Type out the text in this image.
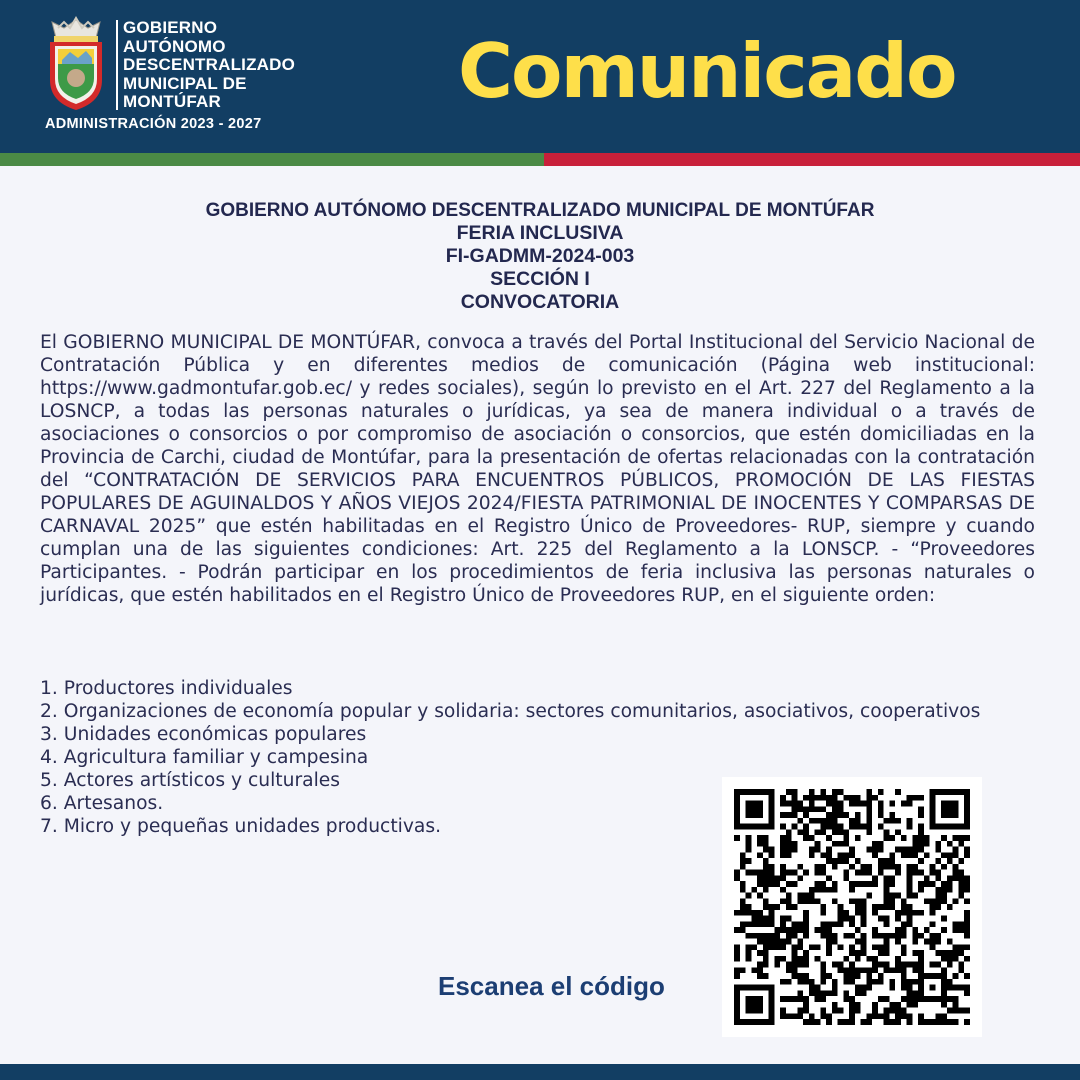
GOBIERNO
AUTÓNOMO
DESCENTRALIZADO
MUNICIPAL DE
MONTÚFAR
ADMINISTRACIÓN 2023 - 2027
Comunicado
GOBIERNO AUTÓNOMO DESCENTRALIZADO MUNICIPAL DE MONTÚFAR
FERIA INCLUSIVA
FI-GADMM-2024-003
SECCIÓN I
CONVOCATORIA
El GOBIERNO MUNICIPAL DE MONTÚFAR, convoca a través del Portal Institucional del Servicio Nacional de Contratación Pública y en diferentes medios de comunicación (Página web institucional: https://www.gadmontufar.gob.ec/ y redes sociales), según lo previsto en el Art. 227 del Reglamento a la LOSNCP, a todas las personas naturales o jurídicas, ya sea de manera individual o a través de asociaciones o consorcios o por compromiso de asociación o consorcios, que estén domiciliadas en la Provincia de Carchi, ciudad de Montúfar, para la presentación de ofertas relacionadas con la contratación del “CONTRATACIÓN DE SERVICIOS PARA ENCUENTROS PÚBLICOS, PROMOCIÓN DE LAS FIESTAS POPULARES DE AGUINALDOS Y AÑOS VIEJOS 2024/FIESTA PATRIMONIAL DE INOCENTES Y COMPARSAS DE CARNAVAL 2025” que estén habilitadas en el Registro Único de Proveedores- RUP, siempre y cuando cumplan una de las siguientes condiciones: Art. 225 del Reglamento a la LONSCP. - “Proveedores Participantes. - Podrán participar en los procedimientos de feria inclusiva las personas naturales o jurídicas, que estén habilitados en el Registro Único de Proveedores RUP, en el siguiente orden:
1. Productores individuales
2. Organizaciones de economía popular y solidaria: sectores comunitarios, asociativos, cooperativos
3. Unidades económicas populares
4. Agricultura familiar y campesina
5. Actores artísticos y culturales
6. Artesanos.
7. Micro y pequeñas unidades productivas.
Escanea el código
